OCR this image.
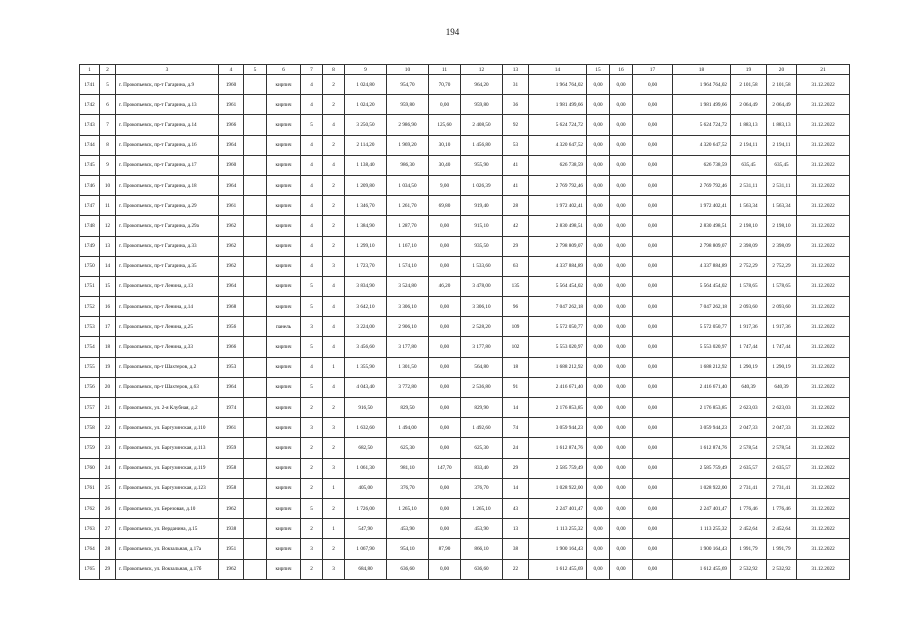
194
1	2	3	4	5	6	7	8	9	10	11	12	13	14	15	16	17	18	19	20	21
1741	5	г. Прокопьевск, пр-т Гагарина, д.9	1960		кирпич	4	2	1 024,80	954,70	70,70	964,20	31	1 964 764,02	0,00	0,00	0,00	1 964 764,02	2 101,58	2 101,58	31.12.2022
1742	6	г. Прокопьевск, пр-т Гагарина, д.13	1961		кирпич	4	2	1 024,20	959,80	0,00	959,80	36	1 981 499,66	0,00	0,00	0,00	1 981 499,66	2 064,49	2 064,49	31.12.2022
1743	7	г. Прокопьевск, пр-т Гагарина, д.14	1966		кирпич	5	4	3 250,50	2 986,90	125,60	2 408,50	92	5 624 724,72	0,00	0,00	0,00	5 624 724,72	1 883,13	1 883,13	31.12.2022
1744	8	г. Прокопьевск, пр-т Гагарина, д.16	1964		кирпич	4	2	2 114,20	1 969,20	30,10	1 456,80	53	4 320 647,52	0,00	0,00	0,00	4 320 647,52	2 194,11	2 194,11	31.12.2022
1745	9	г. Прокопьевск, пр-т Гагарина, д.17	1960		кирпич	4	4	1 138,40	986,30	30,40	955,90	41	626 738,59	0,00	0,00	0,00	626 738,59	635,45	635,45	31.12.2022
1746	10	г. Прокопьевск, пр-т Гагарина, д.18	1964		кирпич	4	2	1 209,80	1 034,50	9,00	1 026,39	41	2 769 792,46	0,00	0,00	0,00	2 769 792,46	2 531,11	2 531,11	31.12.2022
1747	11	г. Прокопьевск, пр-т Гагарина, д.29	1961		кирпич	4	2	1 346,70	1 261,70	69,80	919,40	28	1 972 402,41	0,00	0,00	0,00	1 972 402,41	1 563,34	1 563,34	31.12.2022
1748	12	г. Прокопьевск, пр-т Гагарина, д.29а	1962		кирпич	4	2	1 384,90	1 287,70	0,00	915,10	42	2 830 498,51	0,00	0,00	0,00	2 830 498,51	2 198,10	2 198,10	31.12.2022
1749	13	г. Прокопьевск, пр-т Гагарина, д.33	1962		кирпич	4	2	1 299,10	1 167,10	0,00	935,50	29	2 798 809,07	0,00	0,00	0,00	2 798 809,07	2 398,09	2 398,09	31.12.2022
1750	14	г. Прокопьевск, пр-т Гагарина, д.35	1962		кирпич	4	3	1 723,70	1 574,10	0,00	1 533,60	63	4 337 884,89	0,00	0,00	0,00	4 337 884,89	2 752,29	2 752,29	31.12.2022
1751	15	г. Прокопьевск, пр-т Ленина, д.13	1964		кирпич	5	4	3 834,90	3 524,80	46,20	3 478,00	135	5 564 454,02	0,00	0,00	0,00	5 564 454,02	1 578,65	1 578,65	31.12.2022
1752	16	г. Прокопьевск, пр-т Ленина, д.14	1968		кирпич	5	4	3 642,10	3 306,10	0,00	3 306,10	96	7 047 262,18	0,00	0,00	0,00	7 047 262,18	2 093,60	2 093,60	31.12.2022
1753	17	г. Прокопьевск, пр-т Ленина, д.25	1956		панель	3	4	3 224,00	2 906,10	0,00	2 528,20	109	5 572 050,77	0,00	0,00	0,00	5 572 050,77	1 917,36	1 917,36	31.12.2022
1754	18	г. Прокопьевск, пр-т Ленина, д.33	1966		кирпич	5	4	3 456,60	3 177,80	0,00	3 177,80	102	5 553 020,97	0,00	0,00	0,00	5 553 020,97	1 747,44	1 747,44	31.12.2022
1755	19	г. Прокопьевск, пр-т Шахтеров, д.2	1953		кирпич	4	1	1 355,90	1 301,50	0,00	564,80	18	1 688 212,92	0,00	0,00	0,00	1 688 212,92	1 290,19	1 290,19	31.12.2022
1756	20	г. Прокопьевск, пр-т Шахтеров, д.63	1964		кирпич	5	4	4 043,40	3 772,80	0,00	2 536,80	91	2 416 671,40	0,00	0,00	0,00	2 416 671,40	640,39	640,39	31.12.2022
1757	21	г. Прокопьевск, ул. 2-я Клубная, д.2	1974		кирпич	2	2	916,50	829,50	0,00	829,90	14	2 176 853,85	0,00	0,00	0,00	2 176 853,85	2 623,03	2 623,03	31.12.2022
1758	22	г. Прокопьевск, ул. Баргузинская, д.110	1961		кирпич	3	3	1 632,60	1 494,00	0,00	1 492,60	74	3 059 944,23	0,00	0,00	0,00	3 059 944,23	2 047,33	2 047,33	31.12.2022
1759	23	г. Прокопьевск, ул. Баргузинская, д.113	1959		кирпич	2	2	682,50	625,30	0,00	625,30	24	1 612 874,76	0,00	0,00	0,00	1 612 874,76	2 578,54	2 578,54	31.12.2022
1760	24	г. Прокопьевск, ул. Баргузинская, д.119	1958		кирпич	2	3	1 061,30	981,10	147,70	833,40	29	2 585 759,49	0,00	0,00	0,00	2 585 759,49	2 635,57	2 635,57	31.12.2022
1761	25	г. Прокопьевск, ул. Баргузинская, д.123	1958		кирпич	2	1	405,00	376,70	0,00	376,70	14	1 028 922,00	0,00	0,00	0,00	1 028 922,00	2 731,41	2 731,41	31.12.2022
1762	26	г. Прокопьевск, ул. Березовая, д.10	1962		кирпич	5	2	1 726,00	1 265,10	0,00	1 265,10	43	2 247 401,47	0,00	0,00	0,00	2 247 401,47	1 776,46	1 776,46	31.12.2022
1763	27	г. Прокопьевск, ул. Верданина, д.15	1938		кирпич	2	1	547,90	453,90	0,00	453,90	13	1 113 255,32	0,00	0,00	0,00	1 113 255,32	2 452,64	2 452,64	31.12.2022
1764	28	г. Прокопьевск, ул. Вокзальная, д.17а	1951		кирпич	3	2	1 067,90	954,10	87,90	866,10	38	1 900 164,43	0,00	0,00	0,00	1 900 164,43	1 991,79	1 991,79	31.12.2022
1765	29	г. Прокопьевск, ул. Вокзальная, д.17б	1962		кирпич	2	3	684,80	636,60	0,00	636,60	22	1 612 455,69	0,00	0,00	0,00	1 612 455,69	2 532,92	2 532,92	31.12.2022
